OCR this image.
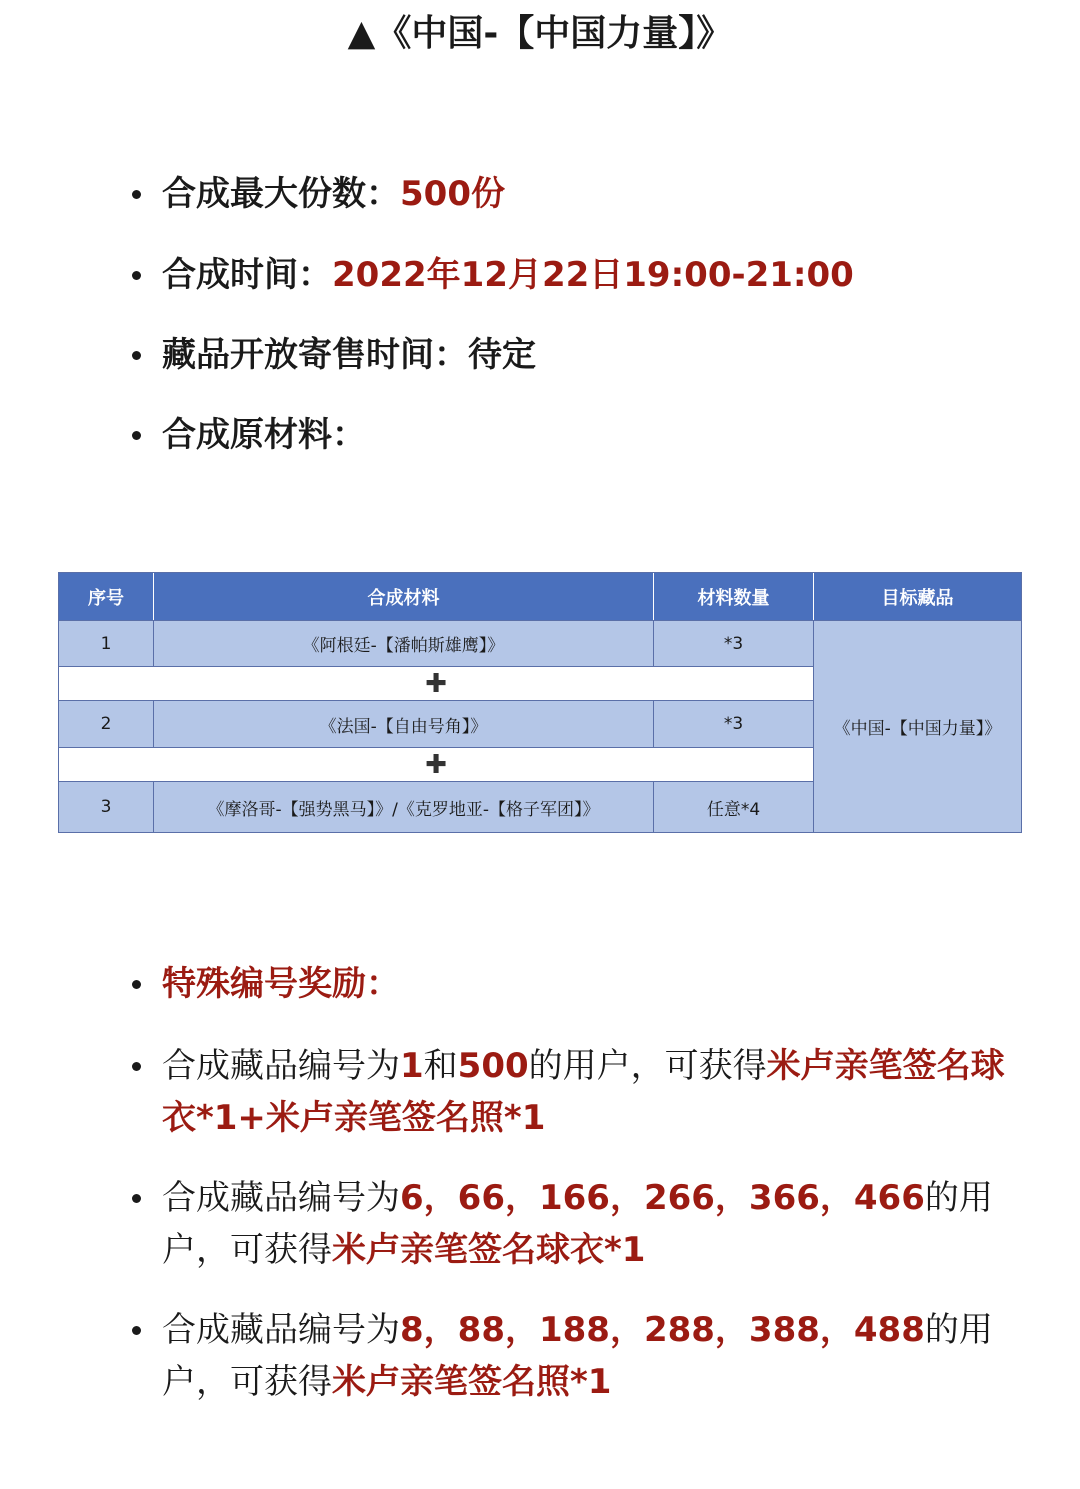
▲《中国-【中国力量】》
合成最大份数：500份
合成时间：2022年12月22日19:00-21:00
藏品开放寄售时间：待定
合成原材料：
序号	合成材料	材料数量	目标藏品
1	《阿根廷-【潘帕斯雄鹰】》	*3
✚
2	《法国-【自由号角】》	*3
✚
3	《摩洛哥-【强势黑马】》/《克罗地亚-【格子军团】》	任意*4
《中国-【中国力量】》
特殊编号奖励：
合成藏品编号为1和500的用户，可获得米卢亲笔签名球衣*1+米卢亲笔签名照*1
合成藏品编号为6，66，166，266，366，466的用户，可获得米卢亲笔签名球衣*1
合成藏品编号为8，88，188，288，388，488的用户，可获得米卢亲笔签名照*1
